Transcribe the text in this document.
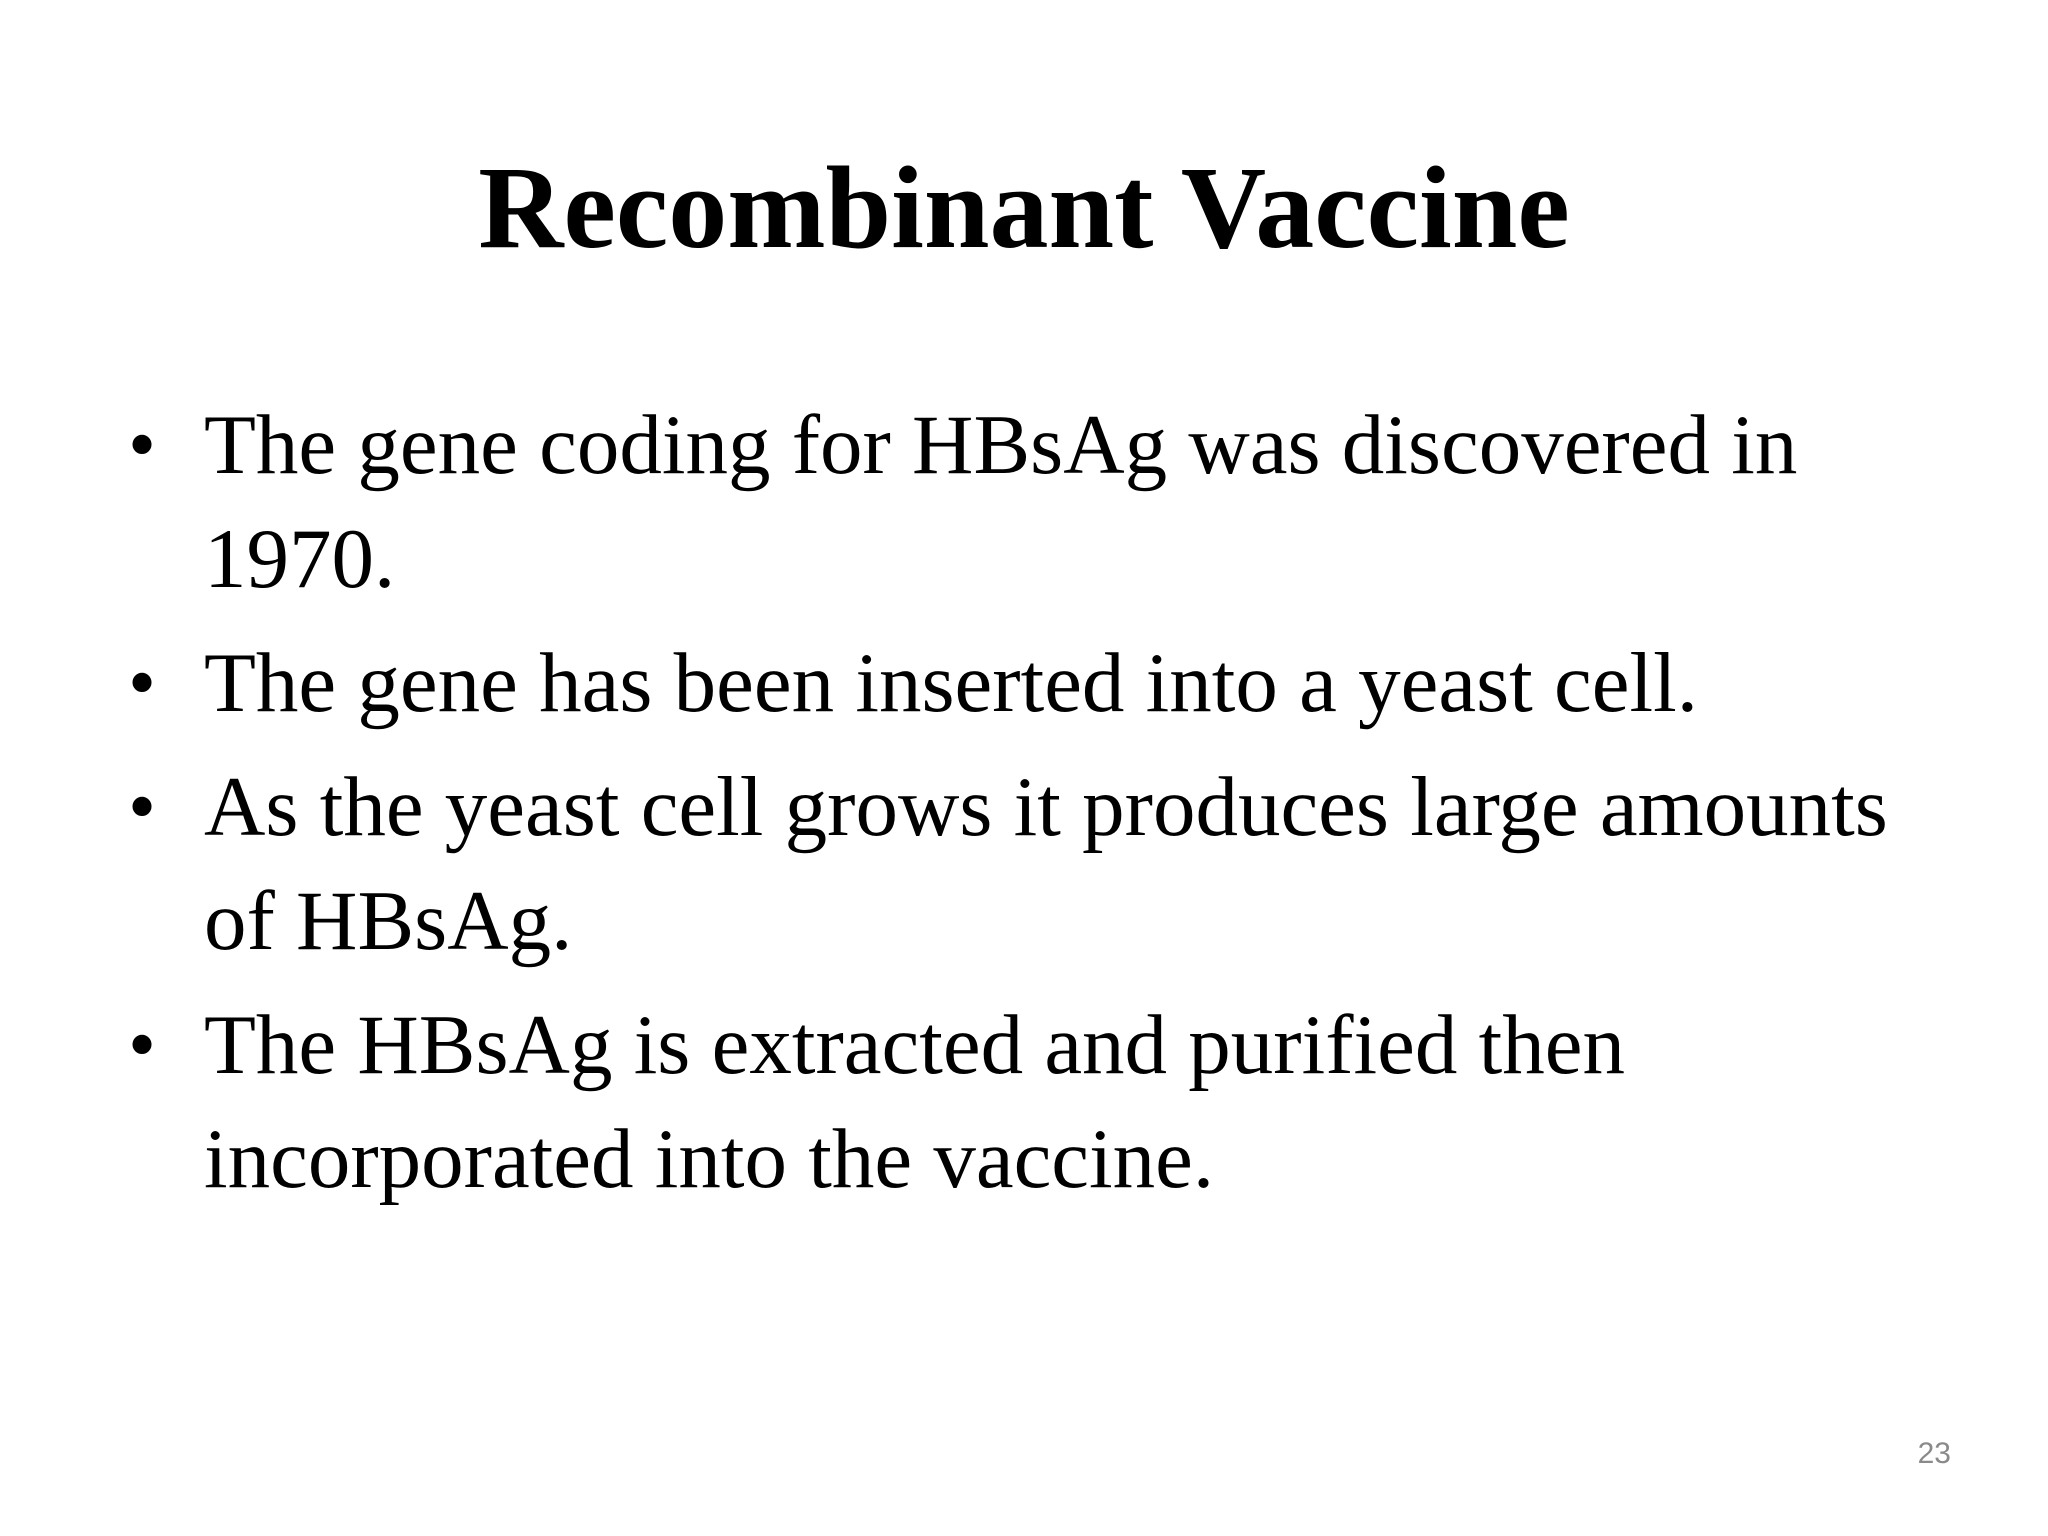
Recombinant Vaccine
• The gene coding for HBsAg was discovered in 1970.
• The gene has been inserted into a yeast cell.
• As the yeast cell grows it produces large amounts of HBsAg.
• The HBsAg is extracted and purified then incorporated into the vaccine.
23
